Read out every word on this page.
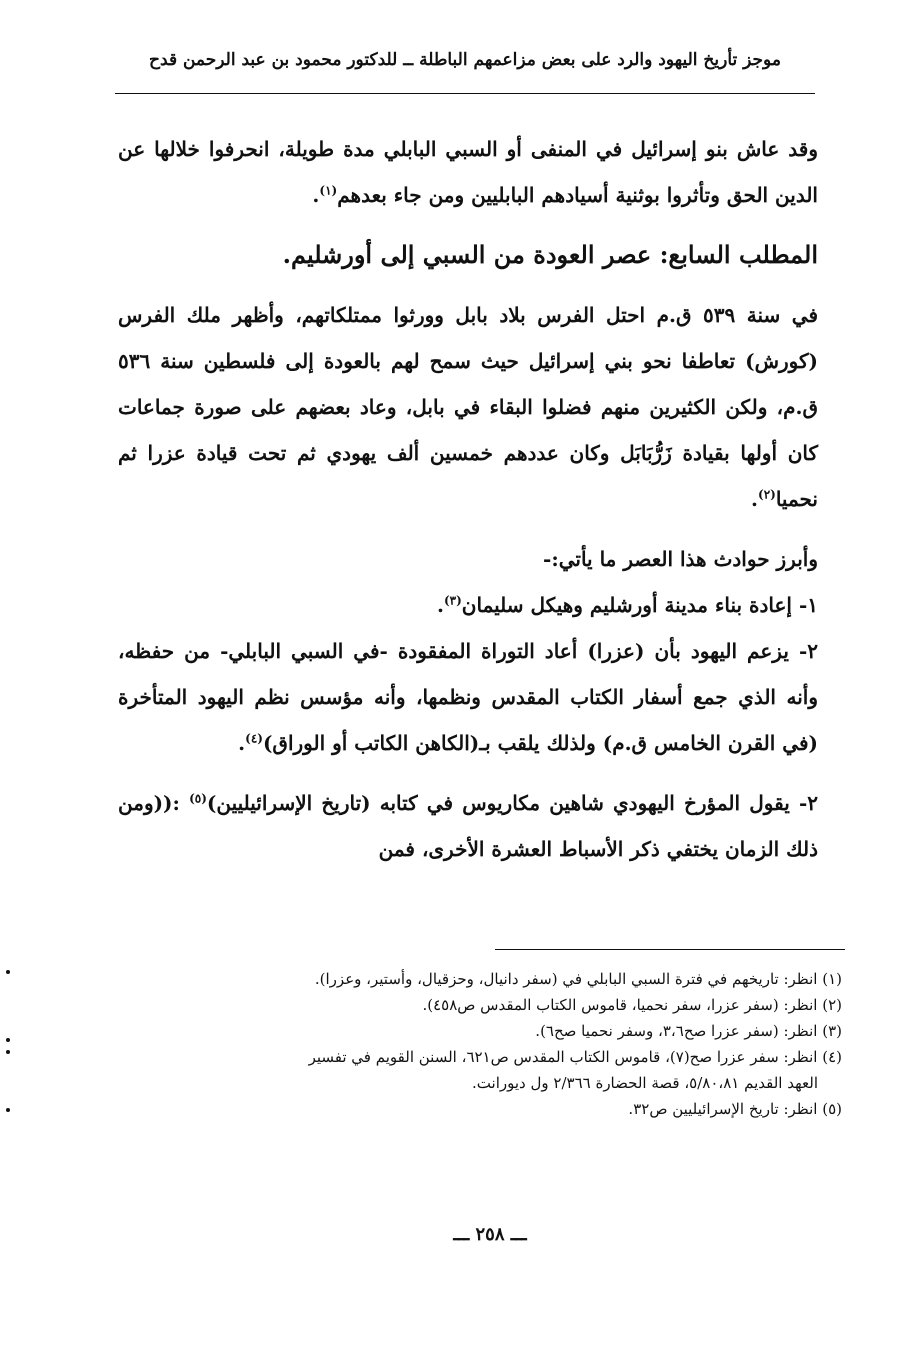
موجز تأريخ اليهود والرد على بعض مزاعمهم الباطلة ــ للدكتور محمود بن عبد الرحمن قدح

وقد عاش بنو إسرائيل في المنفى أو السبي البابلي مدة طويلة، انحرفوا خلالها عن الدين الحق وتأثروا بوثنية أسيادهم البابليين ومن جاء بعدهم$^{(١)}$.

المطلب السابع: عصر العودة من السبي إلى أورشليم.

في سنة ٥٣٩ ق.م احتل الفرس بلاد بابل وورثوا ممتلكاتهم، وأظهر ملك الفرس (كورش) تعاطفا نحو بني إسرائيل حيث سمح لهم بالعودة إلى فلسطين سنة ٥٣٦ ق.م، ولكن الكثيرين منهم فضلوا البقاء في بابل، وعاد بعضهم على صورة جماعات كان أولها بقيادة زَرُّبَابَل وكان عددهم خمسين ألف يهودي ثم تحت قيادة عزرا ثم نحميا$^{(٢)}$.

وأبرز حوادث هذا العصر ما يأتي:-

١- إعادة بناء مدينة أورشليم وهيكل سليمان$^{(٣)}$.

٢- يزعم اليهود بأن (عزرا) أعاد التوراة المفقودة -في السبي البابلي- من حفظه، وأنه الذي جمع أسفار الكتاب المقدس ونظمها، وأنه مؤسس نظم اليهود المتأخرة (في القرن الخامس ق.م) ولذلك يلقب بـ(الكاهن الكاتب أو الوراق)$^{(٤)}$.

٢- يقول المؤرخ اليهودي شاهين مكاريوس في كتابه (تاريخ الإسرائيليين)$^{(٥)}$ :((ومن ذلك الزمان يختفي ذكر الأسباط العشرة الأخرى، فمن

(١) انظر: تاريخهم في فترة السبي البابلي في (سفر دانيال، وحزقيال، وأستير، وعزرا).
(٢) انظر: (سفر عزرا، سفر نحميا، قاموس الكتاب المقدس ص٤٥٨).
(٣) انظر: (سفر عزرا صح٣،٦، وسفر نحميا صح٦).
(٤) انظر: سفر عزرا صح(٧)، قاموس الكتاب المقدس ص٦٢١، السنن القويم في تفسير
العهد القديم ٥/٨٠،٨١، قصة الحضارة ٢/٣٦٦ ول ديورانت.
(٥) انظر: تاريخ الإسرائيليين ص٣٢.
ـــ ٢٥٨ ـــ
